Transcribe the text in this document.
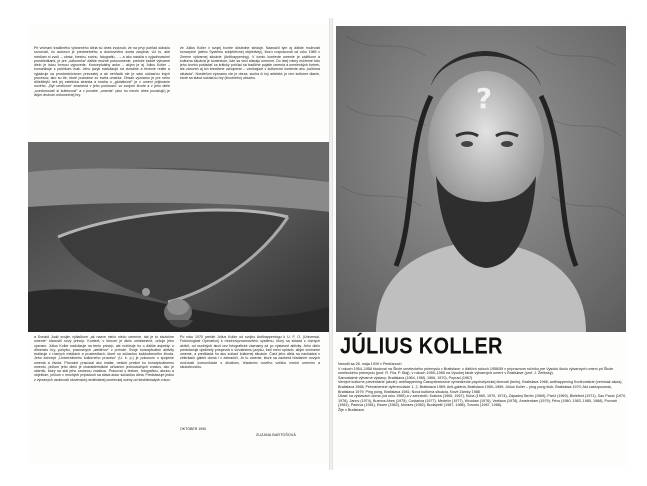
Pri vnímaní tradičného výtvarného diela sú dnes zvyknutí, že na prvý pohľad dobaču rozoznať, čo autorovi je predmetného a duchovného sveta zaujíma. Už to, aké médium si zvolí – obraz, kresbu, sochu, fotografiu… – a ako naráža s vyjadrovacími prostriedkami, je pre „odborníka“ ďalšie možné porozumenie, pretože každé výtvarné dielo je istou formou výpovede. Konceptuálny autor – akým je aj Július Koller – komunikuje s publikom inak. Jeho jazyk nadväzuje na vizuálne a textové reálie a vyjadruje sa prostredníctvom prevzatej a ak nehľadá nie je sám súčasťou iných procesov, ako sú tie, ktoré poznáme zo sveta umenia. Obsah významu je pre neho dôležitejší než jej estetická stránka a snaha o „globálnosť“ je v umení prijímanie nového. „Byť umelcom“ znamená v jeho ponímaní: vo svojom živote a v jeho diele „uvedomovať si kultúrnosť“ a v povahe „umenia“ (ako ho mnohí dnes považujú) je istým druhom nekonečnej hry.
že Július Koller v svojej tvorbe dôsledne sleduje. Naznačil tým aj ďalšie možnosti koncepcie (alebo Systému subjektívnej objektivity), ktorú rozpracoval od roku 1965 v Zmene výtvarnej situácie (Antihappening). V tomto kontexte umenie je zážitkom a kultúrna situácia je kontextom, kde sa veci stávajú umením. Do istej miery môžeme túto jeho tvorbu pokladať za kritický pohľad na tradičné pojatie umenia a umeleckých foriem, ale zároveň aj ich kreatívne uchopenie – vznikajúce v kultúrnom kontexte ako „kultúrna situácia“. Nositeľom významu nie je obraz, socha či iný artefakt; je ním kultúrne dianie, ktoré sa stáva súčasťou hry (životného) obsahu.
a Donald Judd svojim výtlačkom „ak nazve niečo niečo umením, tak je to skutočne umenie“ stanovili nový princíp. Kontext, v ktorom je dielo umiestnené, určuje jeho význam. Július Koller nadväzuje na tento princíp, ale rozširuje ho o ďalšie aspekty: o dimenziu hry, pohybu, pracovných „ateliérov“ v prírode. Svoje konceptuálne aktivity realizuje v rôznych médiách a prostrediach, ktoré sú súčasťou každodenného života. Jeho koncept „Univerzálneho kultúrneho procesu“ (U. k. p.) je pokusom o spojenie umenia a života. Pôvodne pracoval ako maliar, neskôr prešiel ku konceptuálnemu umeniu, pričom jeho dielo je charakteristické užívaním jednoduchých znakov, ako je otáznik, ktorý sa stal jeho osobnou značkou. Pracoval s textom, fotografiou, akciou a objektom, pričom v mnohých prípadoch sa stáva autor súčasťou diela. Predstavuje jednu z výrazných osobností slovenskej neoficiálnej umeleckej scény od šesťdesiatych rokov.
Po roku 1970 prešiel Július Koller od svojho Antihappeningu k U. F. O. (Universal-Futurological Operation) k mnohovýznamovému systému, ktorý sa skladá z rôznych aktivít, od osobných akcií cez fotografické záznamy až po výstavné aktivity. Jeho dielo predstavuje ojedinelý príspevok k vizuálnemu jazyku, keď mení spôsob, akým vnímame umenie, a predkladá ho ako súčasť kultúrnej situácie. Časť jeho diela sa nachádza v zbierkach galérií doma i v zahraničí. Je to umenie, ktoré sa zaoberá hľadaním nových možností komunikácie s divákom, hľadaním nového vzťahu medzi umením a skutočnosťou.
ZUZANA BARTOŠOVÁ
OKTÓBER 1990
?
JÚLIUS KOLLER
Narodil sa 28. mája 1939 v Piešťanoch
V rokoch 1954–1958 študoval na Škole umeleckého priemyslu v Bratislave, v ďalších rokoch 1958/59 v prípravnom ročníku pre Vysokú školu výtvarných umení pri Škole umeleckého priemyslu (prof. R. Fila, P. Blaj), v rokoch 1959–1965 na Vysokej škole výtvarných umení v Bratislave (prof. J. Želibský).
Samostatné výtvarné výstavy: Bratislava (1964, 1965, 1966, 1970), Poprad (1967)
Verejné kultúrne prezentácie (akcie): antihappening Časopriestorové vymedzenie psychofyzickej činnosti (tenis), Bratislava 1968; antihappening Konfrontácie (vernisáž akcia), Bratislava 1968; Permanentné dyferenciácie 1, 2, Bratislava 1969; Anti-galéria, Bratislava 1969–1969; Július Koller – ping pong klub, Bratislava 1970; Akt zastupovania, Bratislava 1979; Ping pong, Bratislava 1981; Nová kultúrna situácia, Nové Zámky 1988
Účasť na výstavách doma (od roku 1965) a v zahraničí: Kraków (1966, 1967), Kuba (1969, 1970, 1974), Západný Berlín (1969), Paríž (1969), Bielefeld (1971), Sao Paolo (1970, 1976), Janov (1974), Buenos Aires (1975), Costarica (1977), Medelín (1977), Wrocław (1976), Varšava (1978), Amsterdam (1979), Pécs (1980, 1983, 1985, 1988), Poznaň (1981), Padova (1981), Essen (1982), Moraes (1982), Budapešť (1987, 1988), Toronto (1987, 1988).
Žije v Bratislave.
